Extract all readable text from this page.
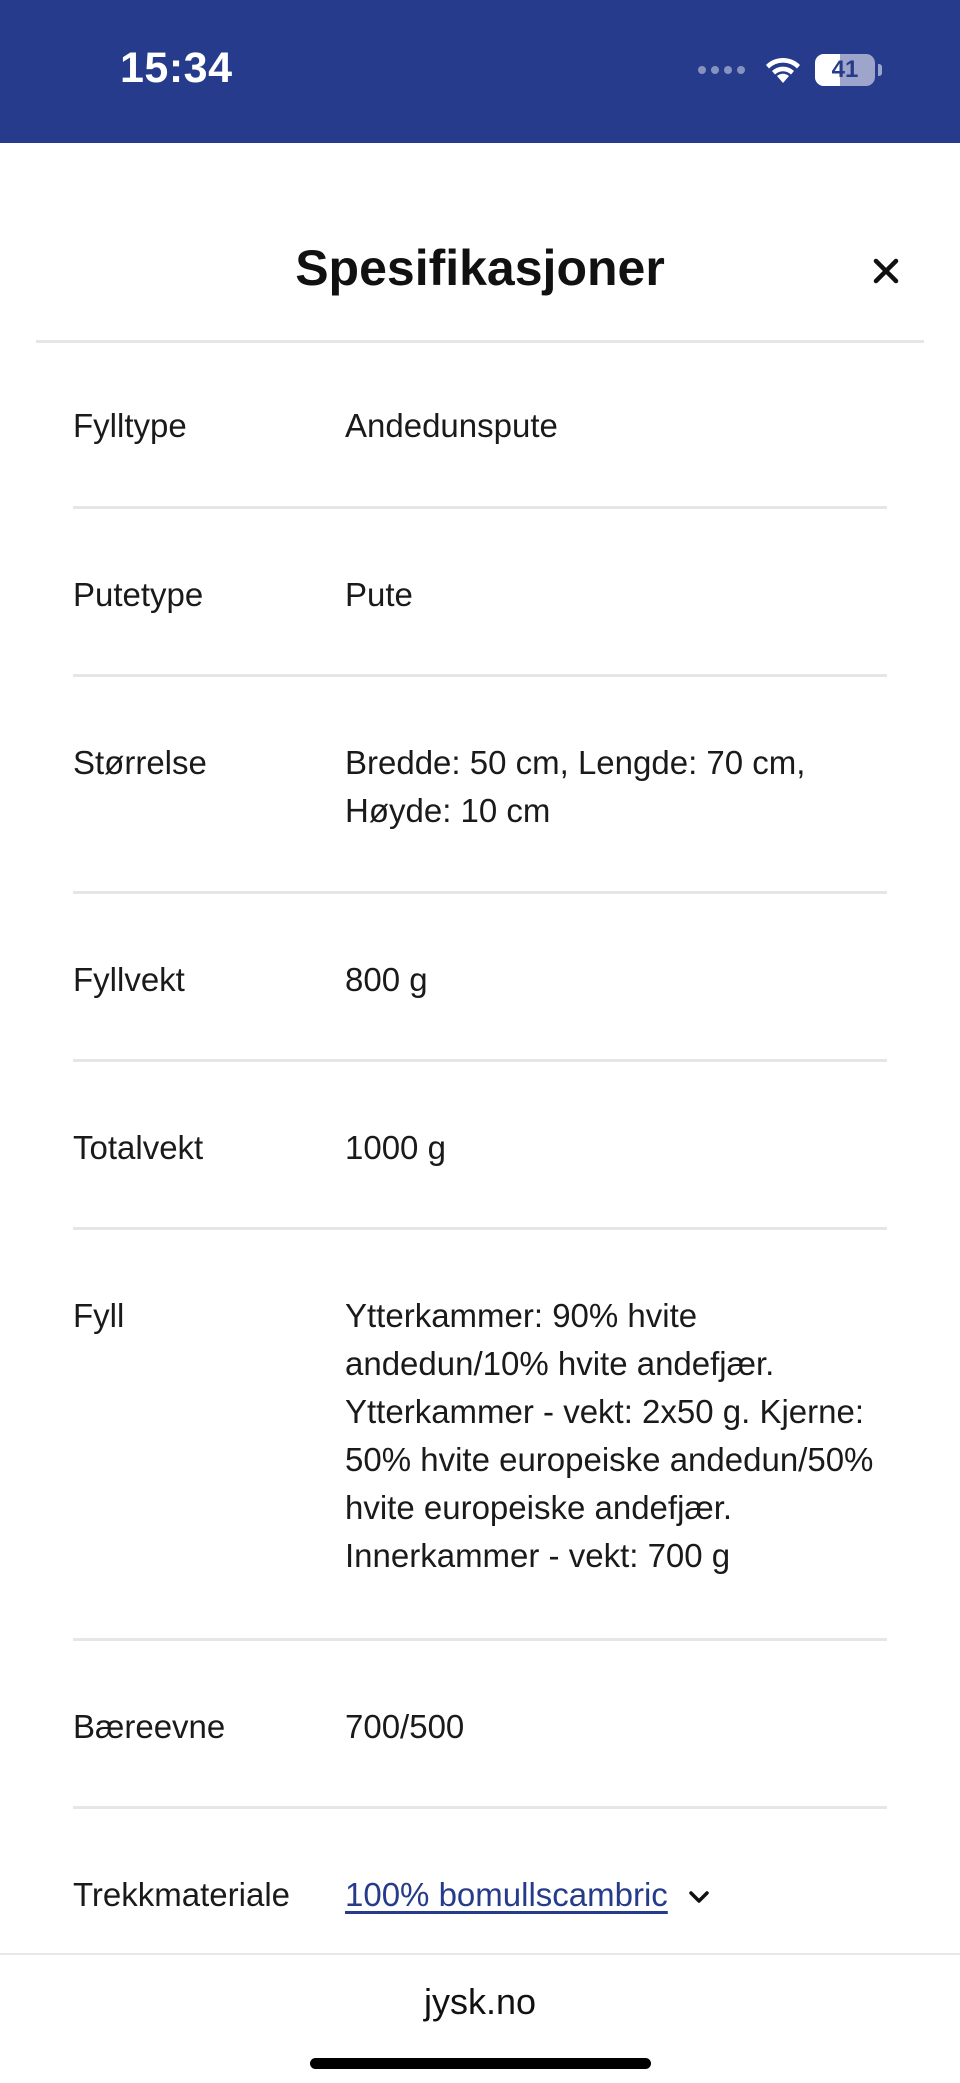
15:34	41
Spesifikasjoner
Fylltype	Andedunspute
Putetype	Pute
Størrelse	Bredde: 50 cm, Lengde: 70 cm, Høyde: 10 cm
Fyllvekt	800 g
Totalvekt	1000 g
Fyll	Ytterkammer: 90% hvite andedun/10% hvite andefjær. Ytterkammer - vekt: 2x50 g. Kjerne: 50% hvite europeiske andedun/50% hvite europeiske andefjær. Innerkammer - vekt: 700 g
Bæreevne	700/500
Trekkmateriale 100% bomullscambric
jysk.no
